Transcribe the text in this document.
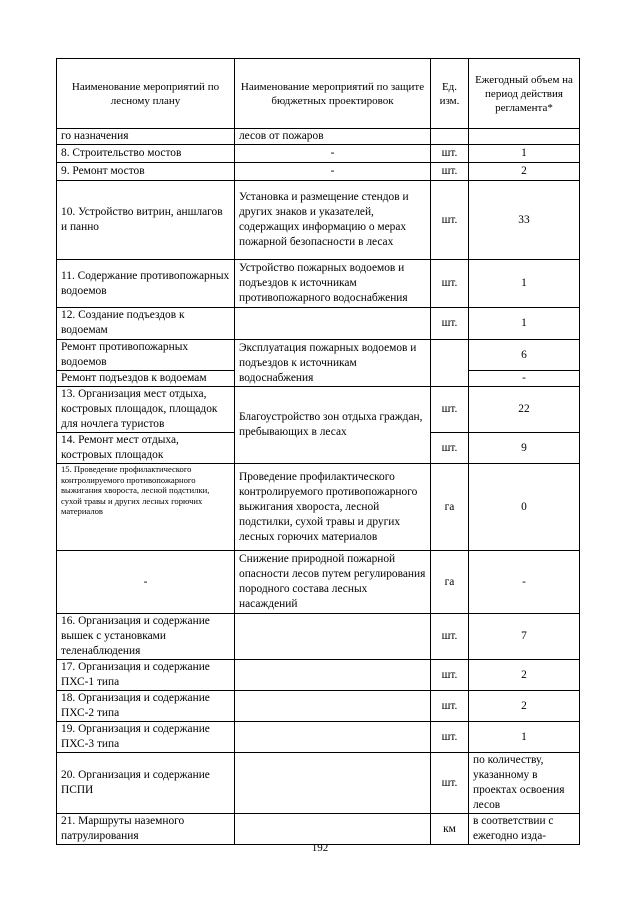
Наименование мероприятий по лесному плану	Наименование мероприятий по защите бюджетных проектировок	Ед. изм.	Ежегодный объем на период действия регламента*
го назначения	лесов от пожаров		
8. Строительство мостов	-	шт.	1
9. Ремонт мостов	-	шт.	2
10. Устройство витрин, аншлагов и панно	Установка и размещение стендов и других знаков и указателей, содержащих информацию о мерах пожарной безопасности в лесах	шт.	33
11. Содержание противопожарных водоемов	Устройство пожарных водоемов и подъездов к источникам противопожарного водоснабжения	шт.	1
12. Создание подъездов к водоемам		шт.	1
Ремонт противопожарных водоемов	Эксплуатация пожарных водоемов и подъездов к источникам водоснабжения		6
Ремонт подъездов к водоемам			-
13. Организация мест отдыха, костровых площадок, площадок для ночлега туристов	Благоустройство зон отдыха граждан, пребывающих в лесах	шт.	22
14. Ремонт мест отдыха, костровых площадок		шт.	9
15. Проведение профилактического контролируемого противопожарного выжигания хвороста, лесной подстилки, сухой травы и других лесных горючих материалов	Проведение профилактического контролируемого противопожарного выжигания хвороста, лесной подстилки, сухой травы и других лесных горючих материалов	га	0
-	Снижение природной пожарной опасности лесов путем регулирования породного состава лесных насаждений	га	-
16. Организация и содержание вышек с установками теленаблюдения		шт.	7
17. Организация и содержание ПХС-1 типа		шт.	2
18. Организация и содержание ПХС-2 типа		шт.	2
19. Организация и содержание ПХС-3 типа		шт.	1
20. Организация и содержание ПСПИ		шт.	по количеству, указанному в проектах освоения лесов
21. Маршруты наземного патрулирования		км	в соответствии с ежегодно изда-
192
